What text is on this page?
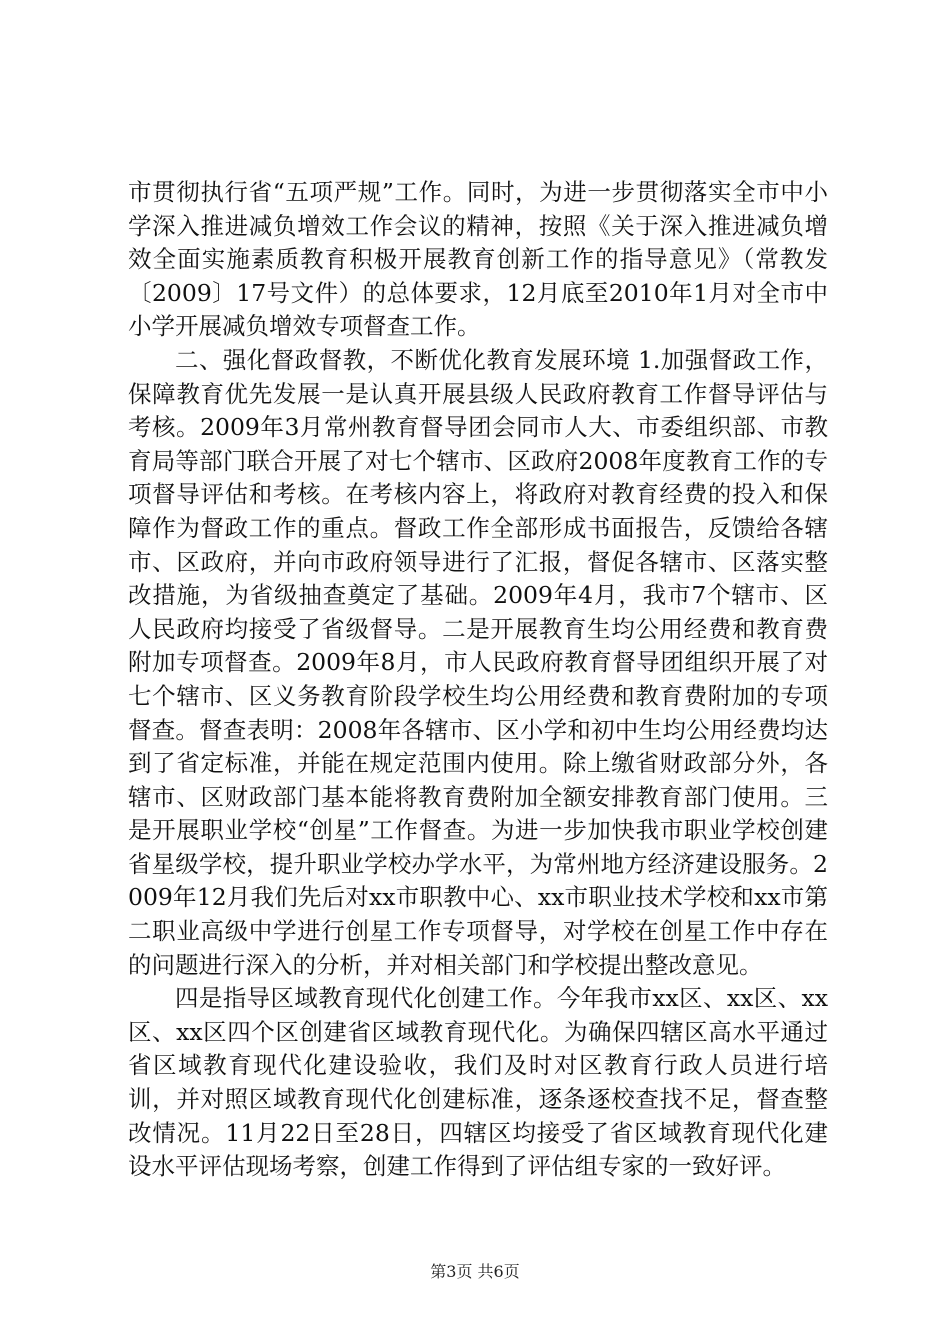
市贯彻执行省“五项严规”工作。同时，为进一步贯彻落实全市中小学深入推进减负增效工作会议的精神，按照《关于深入推进减负增效全面实施素质教育积极开展教育创新工作的指导意见》（常教发〔2009〕17号文件）的总体要求，12月底至2010年1月对全市中小学开展减负增效专项督查工作。

二、强化督政督教，不断优化教育发展环境 1.加强督政工作，保障教育优先发展一是认真开展县级人民政府教育工作督导评估与考核。2009年3月常州教育督导团会同市人大、市委组织部、市教育局等部门联合开展了对七个辖市、区政府2008年度教育工作的专项督导评估和考核。在考核内容上，将政府对教育经费的投入和保障作为督政工作的重点。督政工作全部形成书面报告，反馈给各辖市、区政府，并向市政府领导进行了汇报，督促各辖市、区落实整改措施，为省级抽查奠定了基础。2009年4月，我市7个辖市、区人民政府均接受了省级督导。二是开展教育生均公用经费和教育费附加专项督查。2009年8月，市人民政府教育督导团组织开展了对七个辖市、区义务教育阶段学校生均公用经费和教育费附加的专项督查。督查表明：2008年各辖市、区小学和初中生均公用经费均达到了省定标准，并能在规定范围内使用。除上缴省财政部分外，各辖市、区财政部门基本能将教育费附加全额安排教育部门使用。三是开展职业学校“创星”工作督查。为进一步加快我市职业学校创建省星级学校，提升职业学校办学水平，为常州地方经济建设服务。2009年12月我们先后对xx市职教中心、xx市职业技术学校和xx市第二职业高级中学进行创星工作专项督导，对学校在创星工作中存在的问题进行深入的分析，并对相关部门和学校提出整改意见。

四是指导区域教育现代化创建工作。今年我市xx区、xx区、xx区、xx区四个区创建省区域教育现代化。为确保四辖区高水平通过省区域教育现代化建设验收，我们及时对区教育行政人员进行培训，并对照区域教育现代化创建标准，逐条逐校查找不足，督查整改情况。11月22日至28日，四辖区均接受了省区域教育现代化建设水平评估现场考察，创建工作得到了评估组专家的一致好评。

第3页 共6页
